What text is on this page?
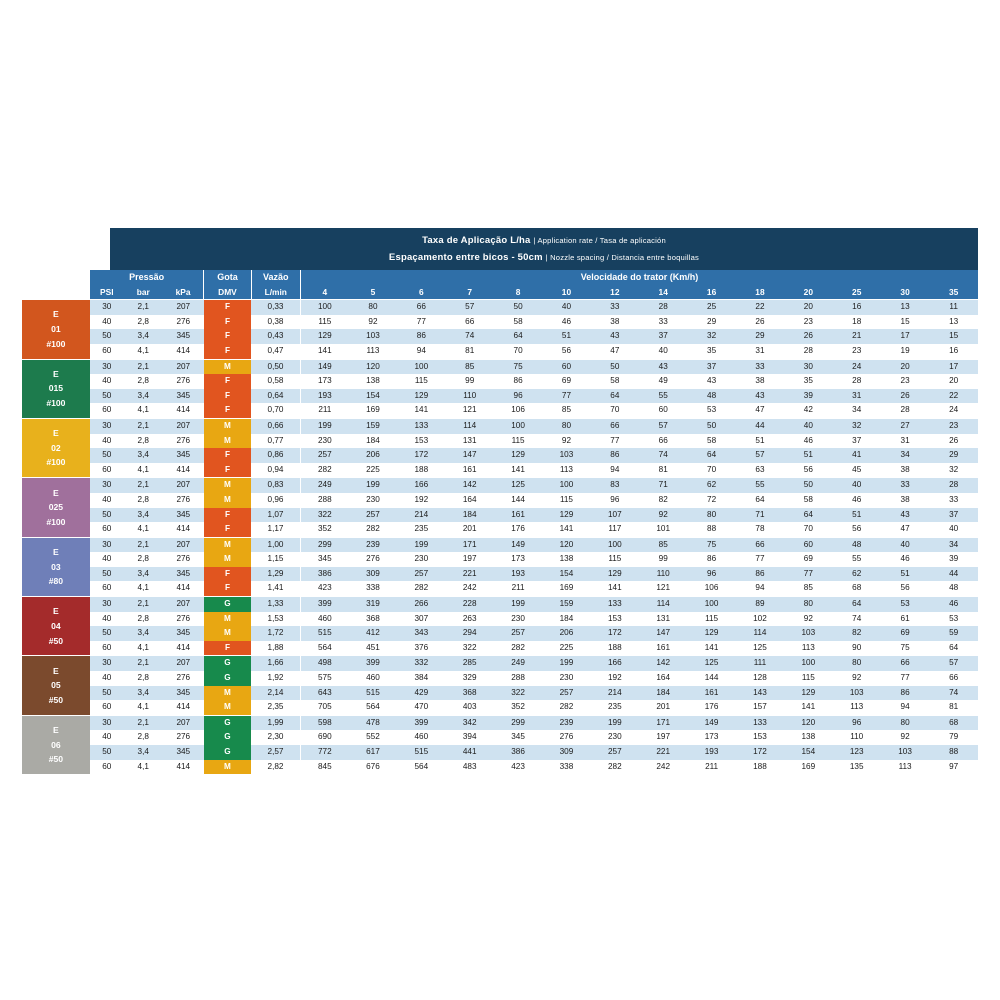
Taxa de Aplicação L/ha | Application rate / Tasa de aplicación
Espaçamento entre bicos - 50cm | Nozzle spacing / Distancia entre boquillas
	Pressão			Gota	Vazão	Velocidade do trator (Km/h)													
	PSI	bar	kPa	DMV	L/min	4	5	6	7	8	10	12	14	16	18	20	25	30	35

E
01
#100	30	2,1	207	F	0,33	100	80	66	57	50	40	33	28	25	22	20	16	13	11
	40	2,8	276	F	0,38	115	92	77	66	58	46	38	33	29	26	23	18	15	13
	50	3,4	345	F	0,43	129	103	86	74	64	51	43	37	32	29	26	21	17	15
	60	4,1	414	F	0,47	141	113	94	81	70	56	47	40	35	31	28	23	19	16

E
015
#100	30	2,1	207	M	0,50	149	120	100	85	75	60	50	43	37	33	30	24	20	17
	40	2,8	276	F	0,58	173	138	115	99	86	69	58	49	43	38	35	28	23	20
	50	3,4	345	F	0,64	193	154	129	110	96	77	64	55	48	43	39	31	26	22
	60	4,1	414	F	0,70	211	169	141	121	106	85	70	60	53	47	42	34	28	24

E
02
#100	30	2,1	207	M	0,66	199	159	133	114	100	80	66	57	50	44	40	32	27	23
	40	2,8	276	M	0,77	230	184	153	131	115	92	77	66	58	51	46	37	31	26
	50	3,4	345	F	0,86	257	206	172	147	129	103	86	74	64	57	51	41	34	29
	60	4,1	414	F	0,94	282	225	188	161	141	113	94	81	70	63	56	45	38	32

E
025
#100	30	2,1	207	M	0,83	249	199	166	142	125	100	83	71	62	55	50	40	33	28
	40	2,8	276	M	0,96	288	230	192	164	144	115	96	82	72	64	58	46	38	33
	50	3,4	345	F	1,07	322	257	214	184	161	129	107	92	80	71	64	51	43	37
	60	4,1	414	F	1,17	352	282	235	201	176	141	117	101	88	78	70	56	47	40

E
03
#80	30	2,1	207	M	1,00	299	239	199	171	149	120	100	85	75	66	60	48	40	34
	40	2,8	276	M	1,15	345	276	230	197	173	138	115	99	86	77	69	55	46	39
	50	3,4	345	F	1,29	386	309	257	221	193	154	129	110	96	86	77	62	51	44
	60	4,1	414	F	1,41	423	338	282	242	211	169	141	121	106	94	85	68	56	48

E
04
#50	30	2,1	207	G	1,33	399	319	266	228	199	159	133	114	100	89	80	64	53	46
	40	2,8	276	M	1,53	460	368	307	263	230	184	153	131	115	102	92	74	61	53
	50	3,4	345	M	1,72	515	412	343	294	257	206	172	147	129	114	103	82	69	59
	60	4,1	414	F	1,88	564	451	376	322	282	225	188	161	141	125	113	90	75	64

E
05
#50	30	2,1	207	G	1,66	498	399	332	285	249	199	166	142	125	111	100	80	66	57
	40	2,8	276	G	1,92	575	460	384	329	288	230	192	164	144	128	115	92	77	66
	50	3,4	345	M	2,14	643	515	429	368	322	257	214	184	161	143	129	103	86	74
	60	4,1	414	M	2,35	705	564	470	403	352	282	235	201	176	157	141	113	94	81

E
06
#50	30	2,1	207	G	1,99	598	478	399	342	299	239	199	171	149	133	120	96	80	68
	40	2,8	276	G	2,30	690	552	460	394	345	276	230	197	173	153	138	110	92	79
	50	3,4	345	G	2,57	772	617	515	441	386	309	257	221	193	172	154	123	103	88
	60	4,1	414	M	2,82	845	676	564	483	423	338	282	242	211	188	169	135	113	97
